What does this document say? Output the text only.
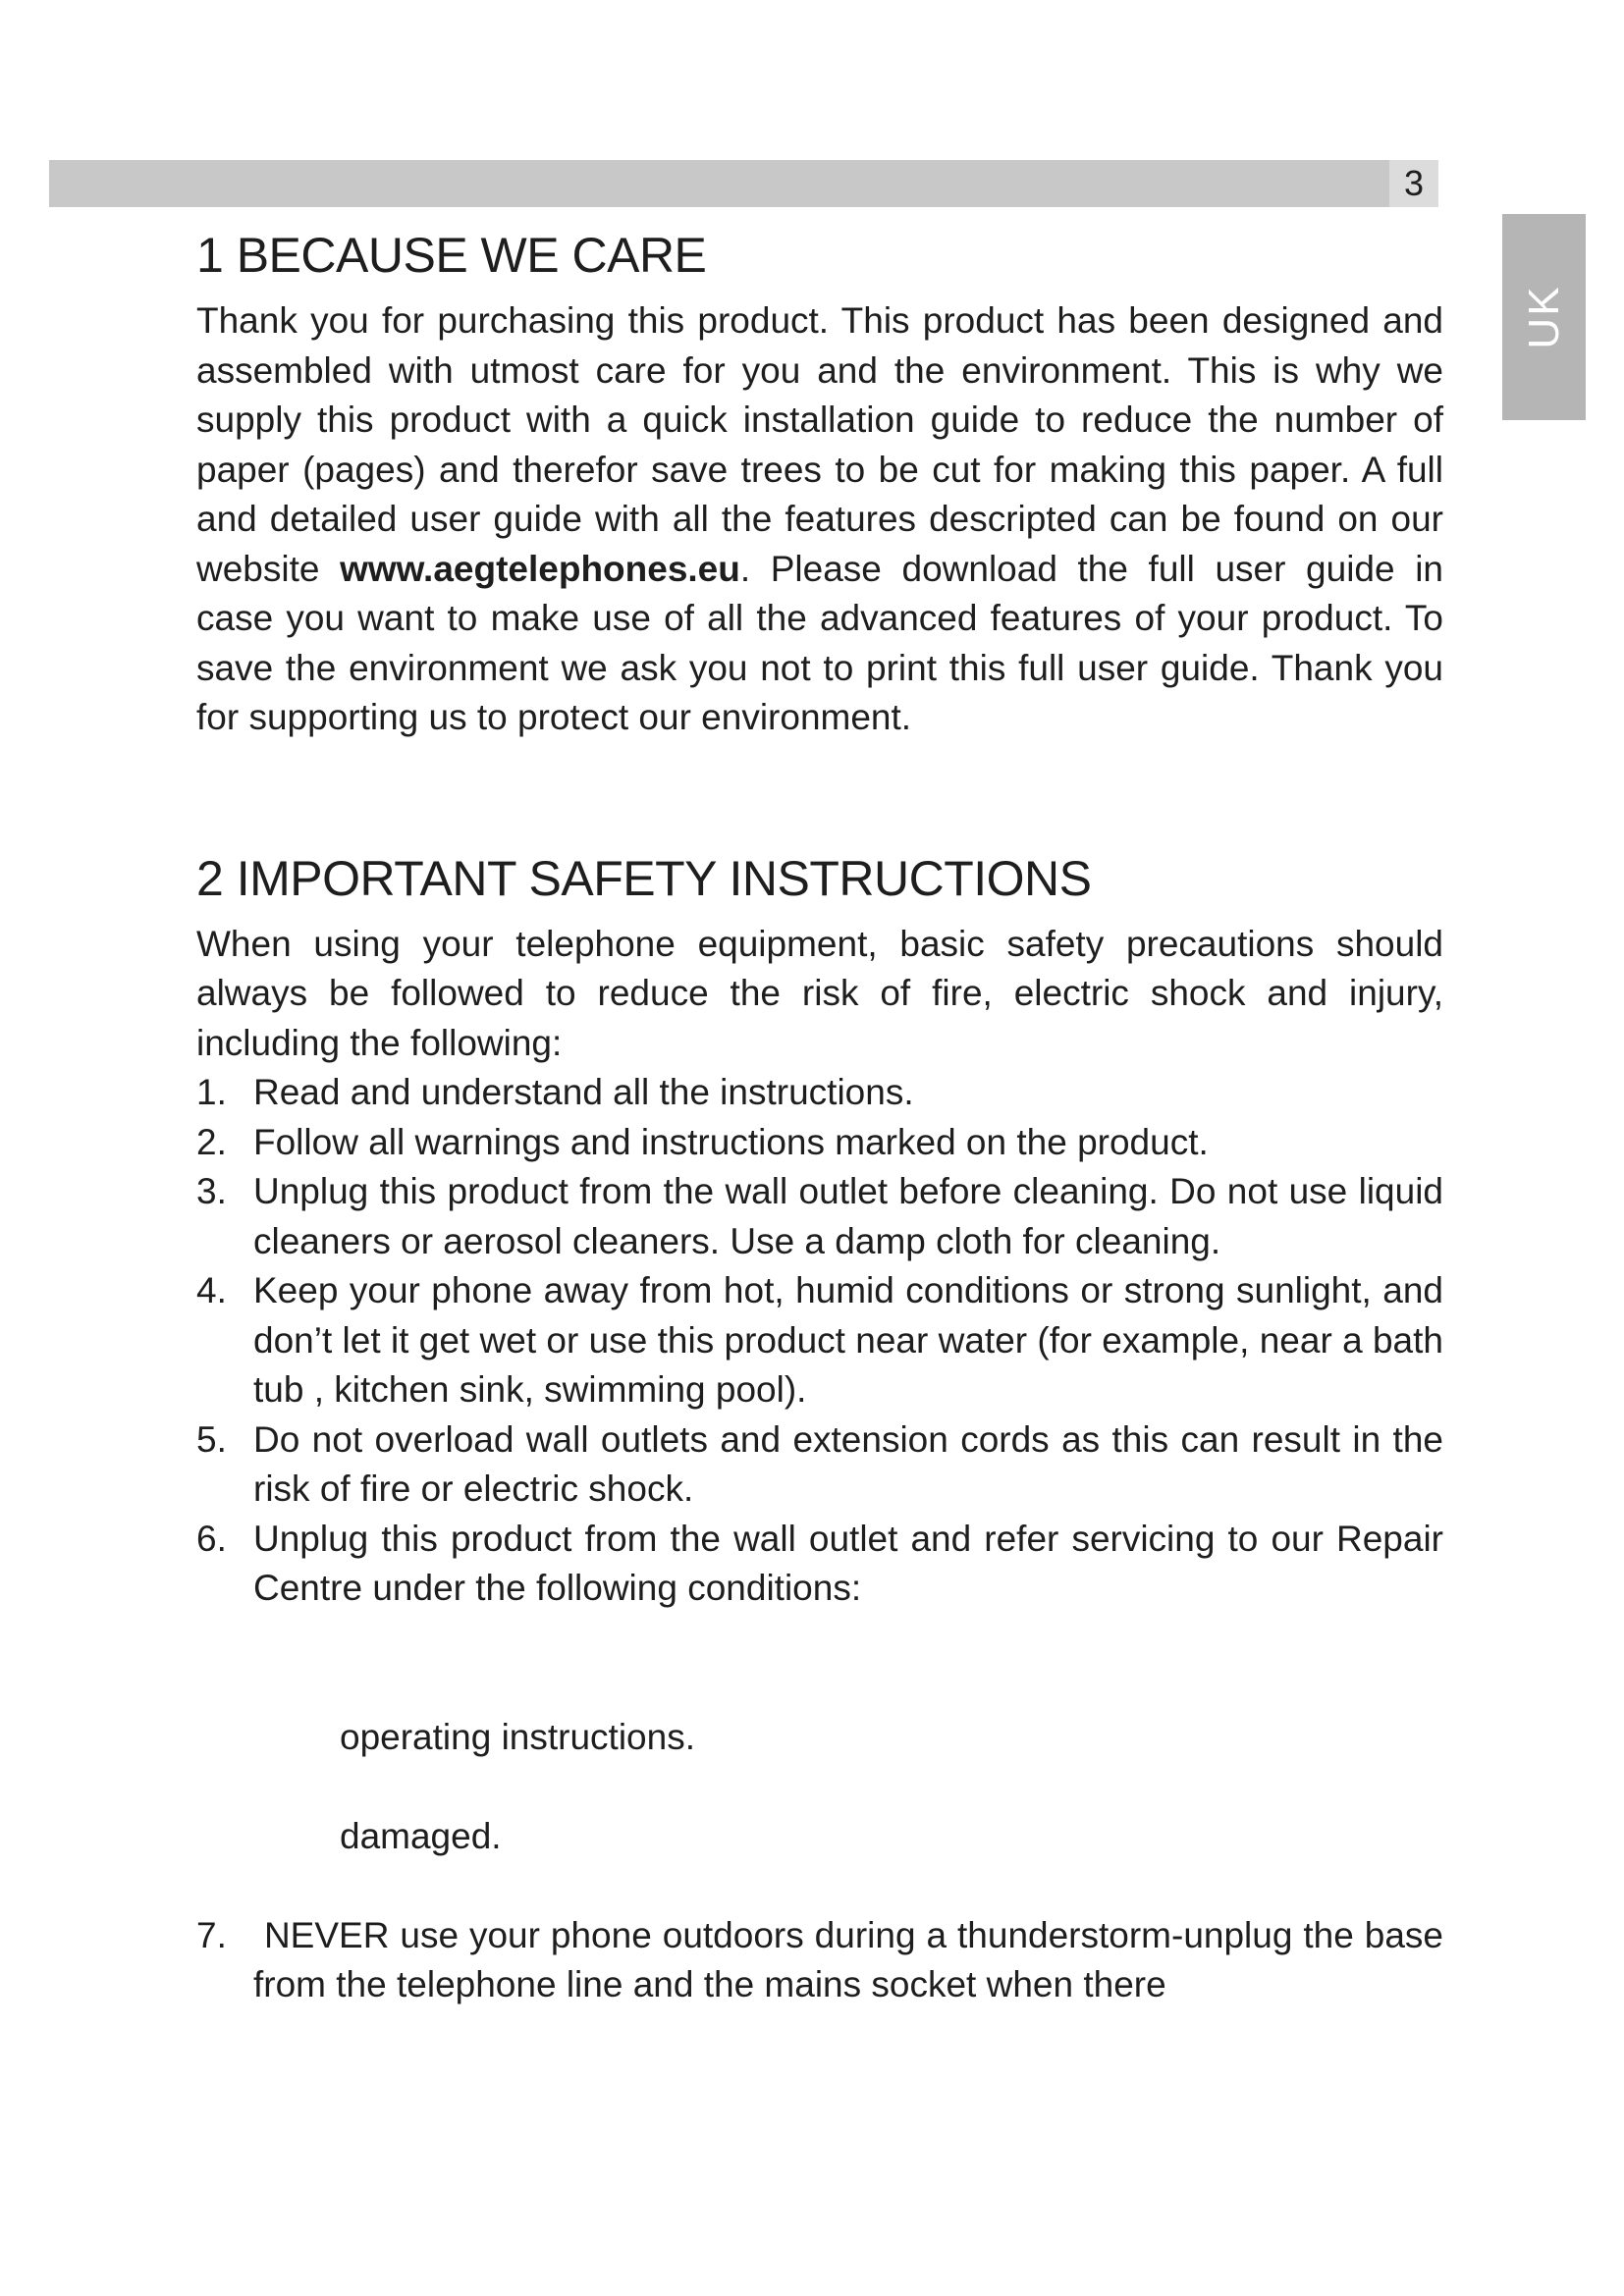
3
UK
1 BECAUSE WE CARE

Thank you for purchasing this product. This product has been designed and assembled with utmost care for you and the environment. This is why we supply this product with a quick installation guide to reduce the number of paper (pages) and therefor save trees to be cut for making this paper. A full and detailed user guide with all the features descripted can be found on our website www.aegtelephones.eu. Please download the full user guide in case you want to make use of all the advanced features of your product. To save the environment we ask you not to print this full user guide. Thank you for supporting us to protect our environment.

2 IMPORTANT SAFETY INSTRUCTIONS

When using your telephone equipment, basic safety precautions should always be followed to reduce the risk of fire, electric shock and injury, including the following:

1. Read and understand all the instructions.
2. Follow all warnings and instructions marked on the product.
3. Unplug this product from the wall outlet before cleaning. Do not use liquid cleaners or aerosol cleaners. Use a damp cloth for cleaning.
4. Keep your phone away from hot, humid conditions or strong sunlight, and don’t let it get wet or use this product near water (for example, near a bath tub , kitchen sink, swimming pool).
5. Do not overload wall outlets and extension cords as this can result in the risk of fire or electric shock.
6. Unplug this product from the wall outlet and refer servicing to our Repair Centre under the following conditions:
operating instructions.
damaged.
7. NEVER use your phone outdoors during a thunderstorm-unplug the base from the telephone line and the mains socket when there
